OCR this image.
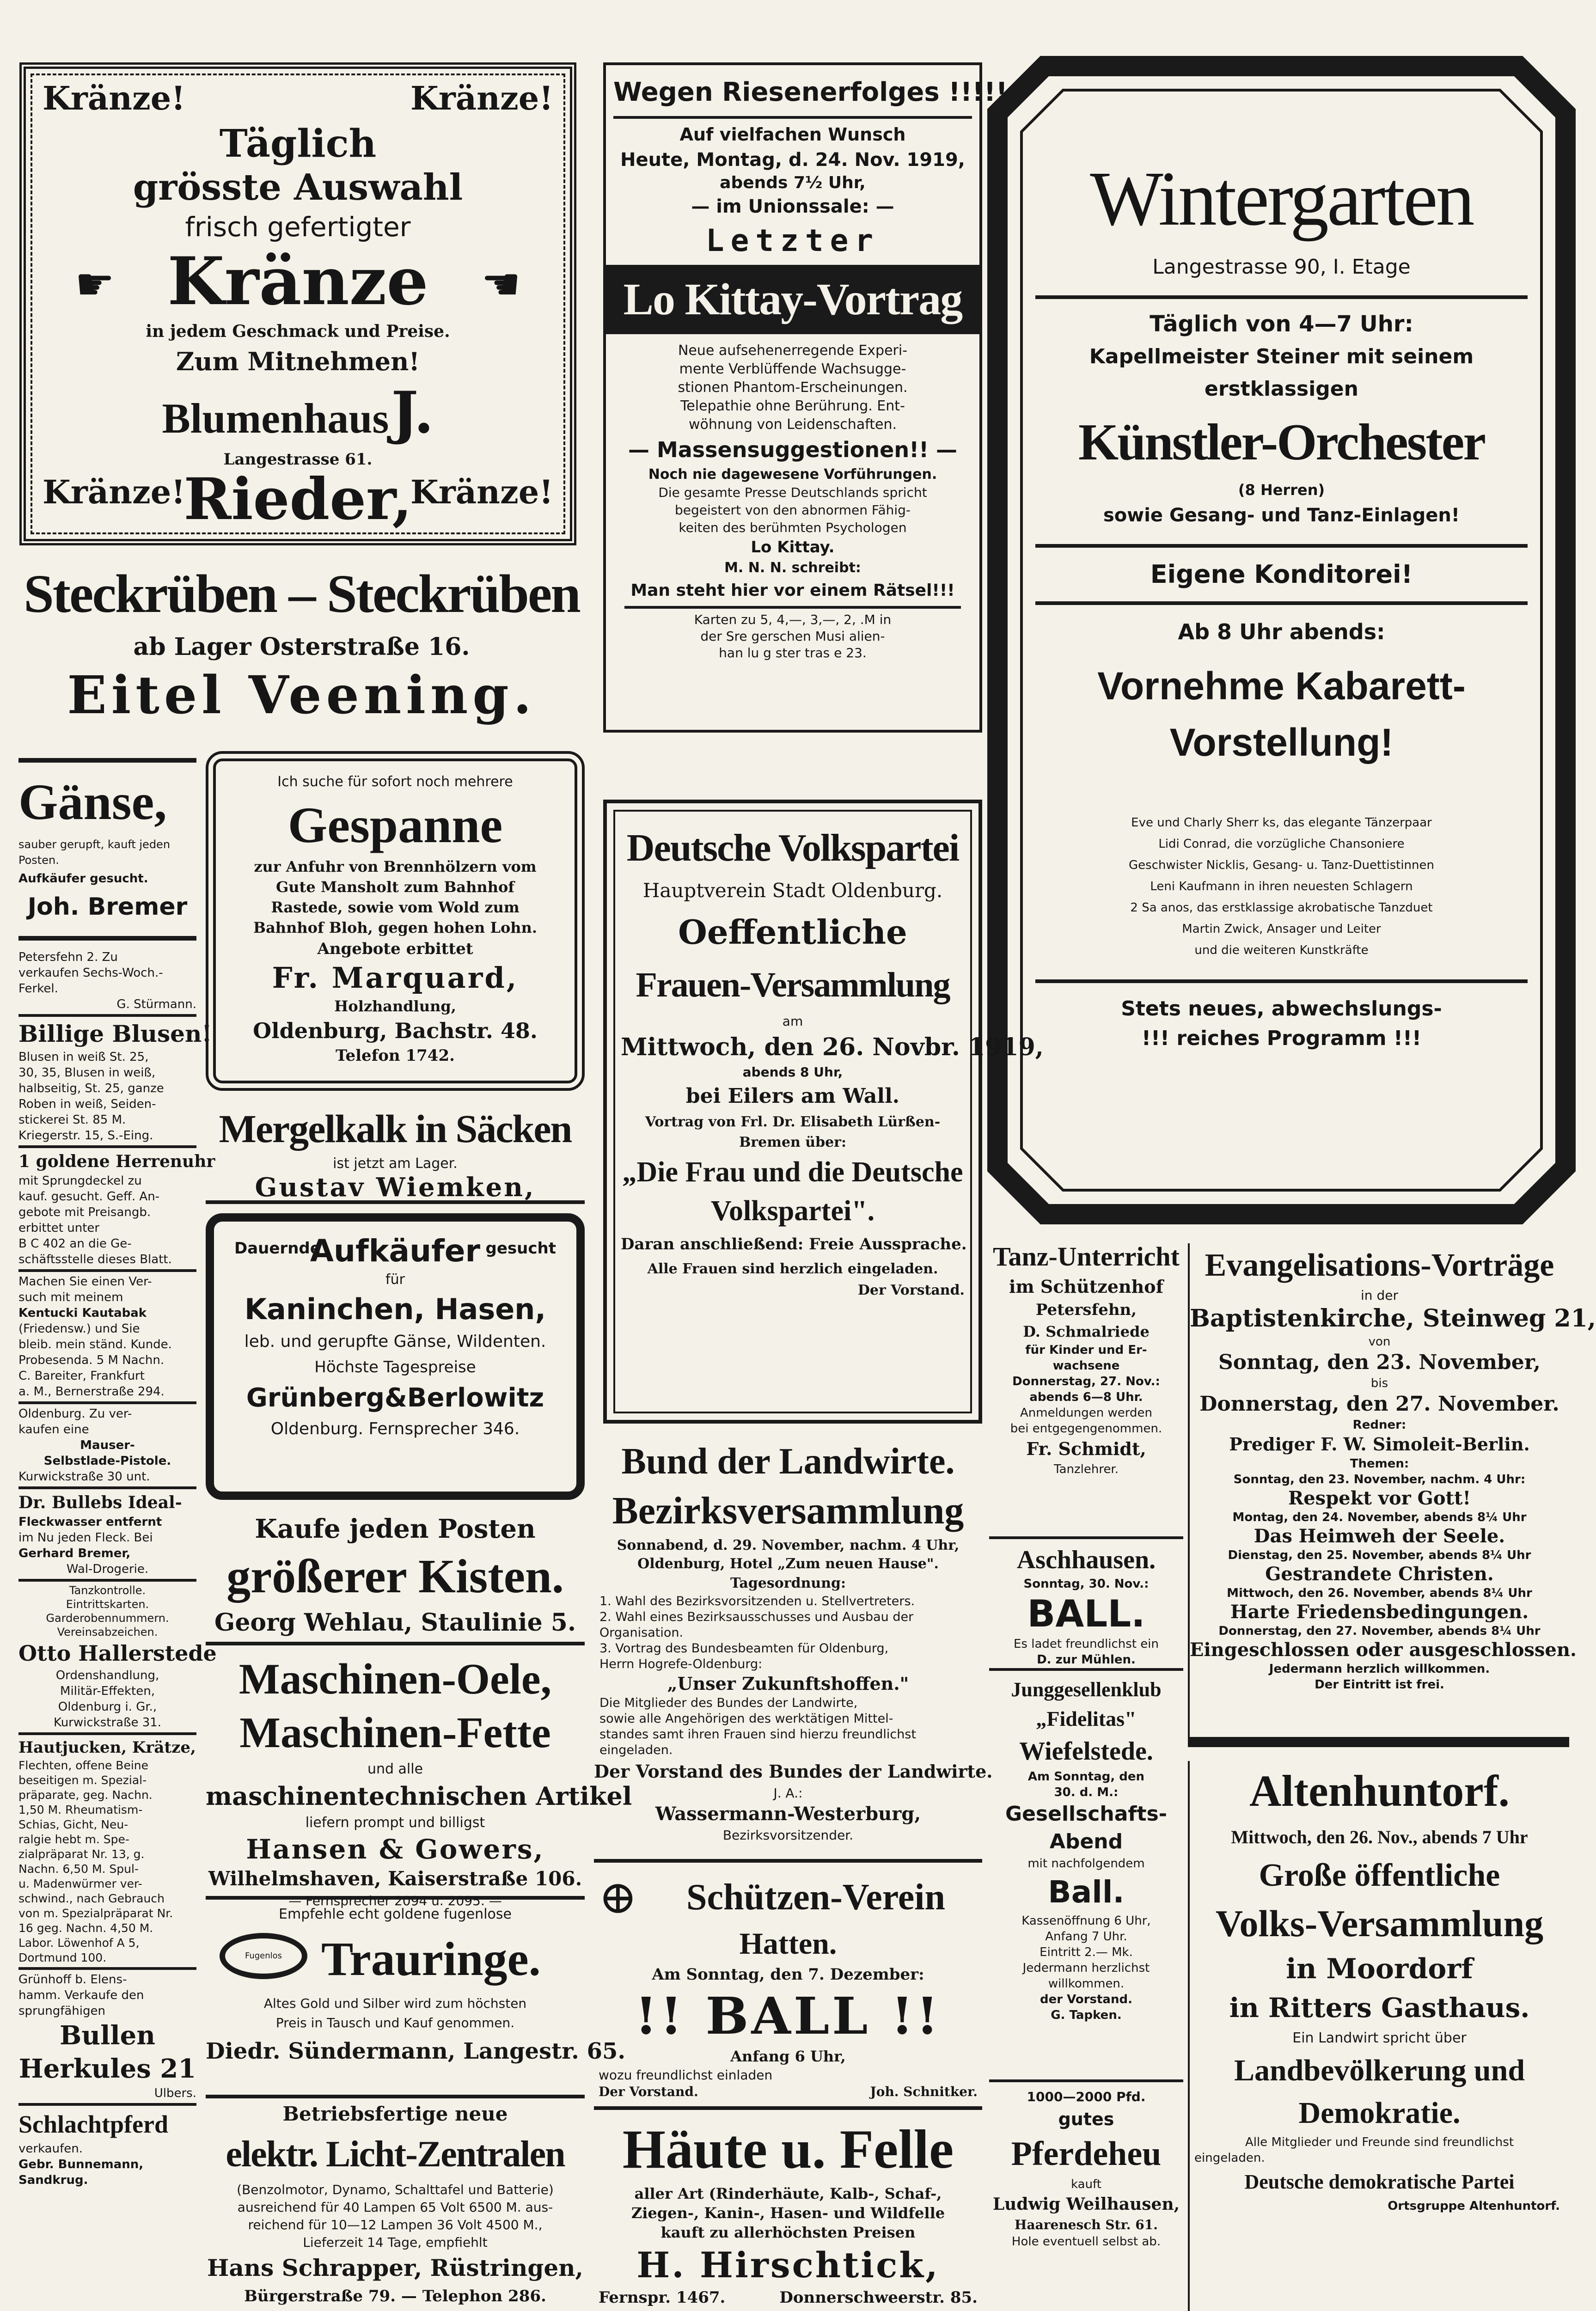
Kränze!	Kränze!
Täglich
grösste Auswahl
frisch gefertigter
☛ Kränze	☚
in jedem Geschmack und Preise.
Zum Mitnehmen!
Blumenhaus J. Rieder,
Langestrasse 61.
Kränze!	Kränze!
Steckrüben – Steckrüben
ab Lager Osterstraße 16.
Eitel Veening.
Wegen Riesenerfolges !!!!!
Auf vielfachen Wunsch
Heute, Montag, d. 24. Nov. 1919,
abends 7½ Uhr,
— im Unionssale: —
Letzter
Lo Kittay-Vortrag
Neue aufsehenerregende Experi-
mente Verblüffende Wachsugge-
stionen Phantom-Erscheinungen.
Telepathie ohne Berührung. Ent-
wöhnung von Leidenschaften.
— Massensuggestionen!! —
Noch nie dagewesene Vorführungen.
Die gesamte Presse Deutschlands spricht
begeistert von den abnormen Fähig-
keiten des berühmten Psychologen
Lo Kittay.
M. N. N. schreibt:
Man steht hier vor einem Rätsel!!!
Karten zu 5, 4,—, 3,—, 2, .M in
der Sre gerschen Musi alien-
han lu g ster tras e 23.
Wintergarten
Langestrasse 90, I. Etage
Täglich von 4—7 Uhr:
Kapellmeister Steiner mit seinem
erstklassigen
Künstler-Orchester
(8 Herren)
sowie Gesang- und Tanz-Einlagen!
Eigene Konditorei!
Ab 8 Uhr abends:
Vornehme Kabarett-
Vorstellung!
Eve und Charly Sherr ks, das elegante Tänzerpaar
Lidi Conrad, die vorzügliche Chansoniere
Geschwister Nicklis, Gesang- u. Tanz-Duettistinnen
Leni Kaufmann in ihren neuesten Schlagern
2 Sa anos, das erstklassige akrobatische Tanzduet
Martin Zwick, Ansager und Leiter
und die weiteren Kunstkräfte
Stets neues, abwechslungs-
!!! reiches Programm !!!
Gänse,
sauber gerupft, kauft jeden
Posten.
Aufkäufer gesucht.
Joh. Bremer
Petersfehn 2. Zu
verkaufen Sechs-Woch.-
Ferkel.
G. Stürmann.
Billige Blusen!
Blusen in weiß St. 25,
30, 35, Blusen in weiß,
halbseitig, St. 25, ganze
Roben in weiß, Seiden-
stickerei St. 85 M.
Kriegerstr. 15, S.-Eing.
1 goldene Herrenuhr
mit Sprungdeckel zu
kauf. gesucht. Geff. An-
gebote mit Preisangb.
erbittet unter
B C 402 an die Ge-
schäftsstelle dieses Blatt.
Machen Sie einen Ver-
such mit meinem
Kentucki Kautabak
(Friedensw.) und Sie
bleib. mein ständ. Kunde.
Probesenda. 5 M Nachn.
C. Bareiter, Frankfurt
a. M., Bernerstraße 294.
Oldenburg. Zu ver-
kaufen eine
Mauser-
Selbstlade-Pistole.
Kurwickstraße 30 unt.
Dr. Bullebs Ideal-
Fleckwasser entfernt
im Nu jeden Fleck. Bei
Gerhard Bremer,
Wal-Drogerie.
Tanzkontrolle.
Eintrittskarten.
Garderobennummern.
Vereinsabzeichen.
Otto Hallerstede
Ordenshandlung,
Militär-Effekten,
Oldenburg i. Gr.,
Kurwickstraße 31.
Hautjucken, Krätze,
Flechten, offene Beine
beseitigen m. Spezial-
präparate, geg. Nachn.
1,50 M. Rheumatism-
Schias, Gicht, Neu-
ralgie hebt m. Spe-
zialpräparat Nr. 13, g.
Nachn. 6,50 M. Spul-
u. Madenwürmer ver-
schwind., nach Gebrauch
von m. Spezialpräparat Nr.
16 geg. Nachn. 4,50 M.
Labor. Löwenhof A 5,
Dortmund 100.
Grünhoff b. Elens-
hamm. Verkaufe den
sprungfähigen
Bullen
Herkules 21
Ulbers.
Schlachtpferd
verkaufen.
Gebr. Bunnemann,
Sandkrug.
Ich suche für sofort noch mehrere
Gespanne
zur Anfuhr von Brennhölzern vom
Gute Mansholt zum Bahnhof
Rastede, sowie vom Wold zum
Bahnhof Bloh, gegen hohen Lohn.
Angebote erbittet
Fr. Marquard,
Holzhandlung,
Oldenburg, Bachstr. 48.
Telefon 1742.
Mergelkalk in Säcken
ist jetzt am Lager.
Gustav Wiemken,
Dauernde
Aufkäufer gesucht
für
Kaninchen, Hasen,
leb. und gerupfte Gänse, Wildenten.
Höchste Tagespreise
Grünberg&Berlowitz
Oldenburg. Fernsprecher 346.
Kaufe jeden Posten
größerer Kisten.
Georg Wehlau, Staulinie 5.
Maschinen-Oele,
Maschinen-Fette
und alle
maschinentechnischen Artikel
liefern prompt und billigst
Hansen & Gowers,
Wilhelmshaven, Kaiserstraße 106.
— Fernsprecher 2094 u. 2095. —
Empfehle echt goldene fugenlose
Fugenlos Trauringe.
Altes Gold und Silber wird zum höchsten
Preis in Tausch und Kauf genommen.
Diedr. Sündermann, Langestr. 65.
Betriebsfertige neue
elektr. Licht-Zentralen
(Benzolmotor, Dynamo, Schalttafel und Batterie)
ausreichend für 40 Lampen 65 Volt 6500 M. aus-
reichend für 10—12 Lampen 36 Volt 4500 M.,
Lieferzeit 14 Tage, empfiehlt
Hans Schrapper, Rüstringen,
Bürgerstraße 79. — Telephon 286.
Deutsche Volkspartei
Hauptverein Stadt Oldenburg.
Oeffentliche
Frauen-Versammlung
am
Mittwoch, den 26. Novbr. 1919,
abends 8 Uhr,
bei Eilers am Wall.
Vortrag von Frl. Dr. Elisabeth Lürßen-
Bremen über:
„Die Frau und die Deutsche
Volkspartei".
Daran anschließend: Freie Aussprache.
Alle Frauen sind herzlich eingeladen.
Der Vorstand.
Bund der Landwirte.
Bezirksversammlung
Sonnabend, d. 29. November, nachm. 4 Uhr,
Oldenburg, Hotel „Zum neuen Hause".
Tagesordnung:
1. Wahl des Bezirksvorsitzenden u. Stellvertreters.
2. Wahl eines Bezirksausschusses und Ausbau der
Organisation.
3. Vortrag des Bundesbeamten für Oldenburg,
Herrn Hogrefe-Oldenburg:
„Unser Zukunftshoffen."
Die Mitglieder des Bundes der Landwirte,
sowie alle Angehörigen des werktätigen Mittel-
standes samt ihren Frauen sind hierzu freundlichst
eingeladen.
Der Vorstand des Bundes der Landwirte.
J. A.:
Wassermann-Westerburg,
Bezirksvorsitzender.
⊕	Schützen-Verein
Hatten.
Am Sonntag, den 7. Dezember:
!! BALL !!
Anfang 6 Uhr,
wozu freundlichst einladen
Der Vorstand.	Joh. Schnitker.
Häute u. Felle
aller Art (Rinderhäute, Kalb-, Schaf-,
Ziegen-, Kanin-, Hasen- und Wildfelle
kauft zu allerhöchsten Preisen
H. Hirschtick,
Fernspr. 1467.	Donnerschweerstr. 85.
Tanz-Unterricht
im Schützenhof
Petersfehn,
D. Schmalriede
für Kinder und Er-
wachsene
Donnerstag, 27. Nov.:
abends 6—8 Uhr.
Anmeldungen werden
bei entgegengenommen.
Fr. Schmidt,
Tanzlehrer.
Aschhausen.
Sonntag, 30. Nov.:
BALL.
Es ladet freundlichst ein
D. zur Mühlen.
Junggesellenklub
„Fidelitas"
Wiefelstede.
Am Sonntag, den
30. d. M.:
Gesellschafts-
Abend
mit nachfolgendem
Ball.
Kassenöffnung 6 Uhr,
Anfang 7 Uhr.
Eintritt 2.— Mk.
Jedermann herzlichst
willkommen.
der Vorstand.
G. Tapken.
1000—2000 Pfd.
gutes
Pferdeheu
kauft
Ludwig Weilhausen,
Haarenesch Str. 61.
Hole eventuell selbst ab.
Evangelisations-Vorträge
in der
Baptistenkirche, Steinweg 21,
von
Sonntag, den 23. November,
bis
Donnerstag, den 27. November.
Redner:
Prediger F. W. Simoleit-Berlin.
Themen:
Sonntag, den 23. November, nachm. 4 Uhr:
Respekt vor Gott!
Montag, den 24. November, abends 8¼ Uhr
Das Heimweh der Seele.
Dienstag, den 25. November, abends 8¼ Uhr
Gestrandete Christen.
Mittwoch, den 26. November, abends 8¼ Uhr
Harte Friedensbedingungen.
Donnerstag, den 27. November, abends 8¼ Uhr
Eingeschlossen oder ausgeschlossen.
Jedermann herzlich willkommen.
Der Eintritt ist frei.
Altenhuntorf.
Mittwoch, den 26. Nov., abends 7 Uhr
Große öffentliche
Volks-Versammlung
in Moordorf
in Ritters Gasthaus.
Ein Landwirt spricht über
Landbevölkerung und
Demokratie.
Alle Mitglieder und Freunde sind freundlichst
eingeladen.
Deutsche demokratische Partei
Ortsgruppe Altenhuntorf.
